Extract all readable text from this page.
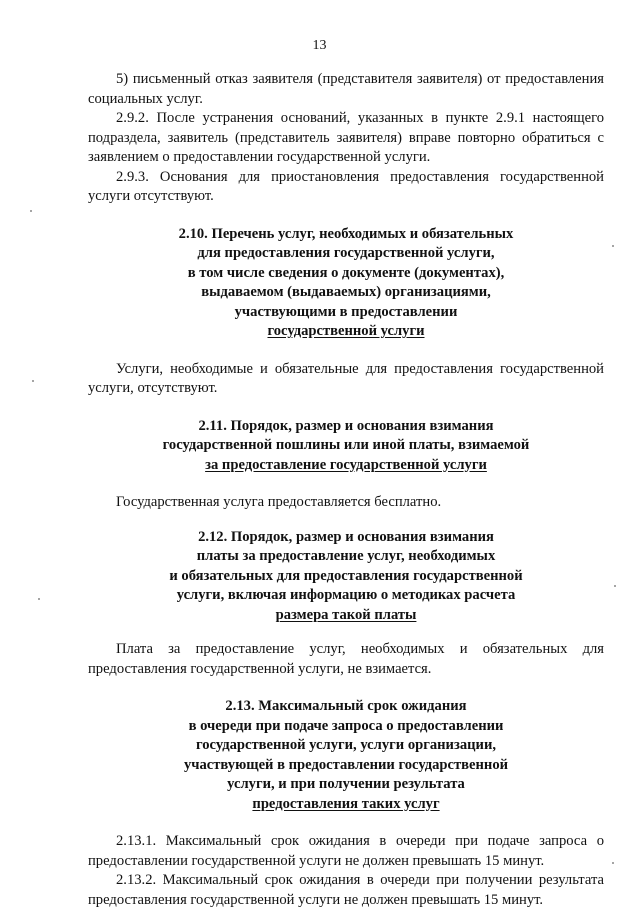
13

5) письменный отказ заявителя (представителя заявителя) от предоставления социальных услуг.

2.9.2. После устранения оснований, указанных в пункте 2.9.1 настоящего подраздела, заявитель (представитель заявителя) вправе повторно обратиться с заявлением о предоставлении государственной услуги.

2.9.3. Основания для приостановления предоставления государственной услуги отсутствуют.

2.10. Перечень услуг, необходимых и обязательных
для предоставления государственной услуги,
в том числе сведения о документе (документах),
выдаваемом (выдаваемых) организациями,
участвующими в предоставлении
государственной услуги

Услуги, необходимые и обязательные для предоставления государственной услуги, отсутствуют.

2.11. Порядок, размер и основания взимания
государственной пошлины или иной платы, взимаемой
за предоставление государственной услуги

Государственная услуга предоставляется бесплатно.

2.12. Порядок, размер и основания взимания
платы за предоставление услуг, необходимых
и обязательных для предоставления государственной
услуги, включая информацию о методиках расчета
размера такой платы

Плата за предоставление услуг, необходимых и обязательных для предоставления государственной услуги, не взимается.

2.13. Максимальный срок ожидания
в очереди при подаче запроса о предоставлении
государственной услуги, услуги организации,
участвующей в предоставлении государственной
услуги, и при получении результата
предоставления таких услуг

2.13.1. Максимальный срок ожидания в очереди при подаче запроса о предоставлении государственной услуги не должен превышать 15 минут.

2.13.2. Максимальный срок ожидания в очереди при получении результата предоставления государственной услуги не должен превышать 15 минут.
